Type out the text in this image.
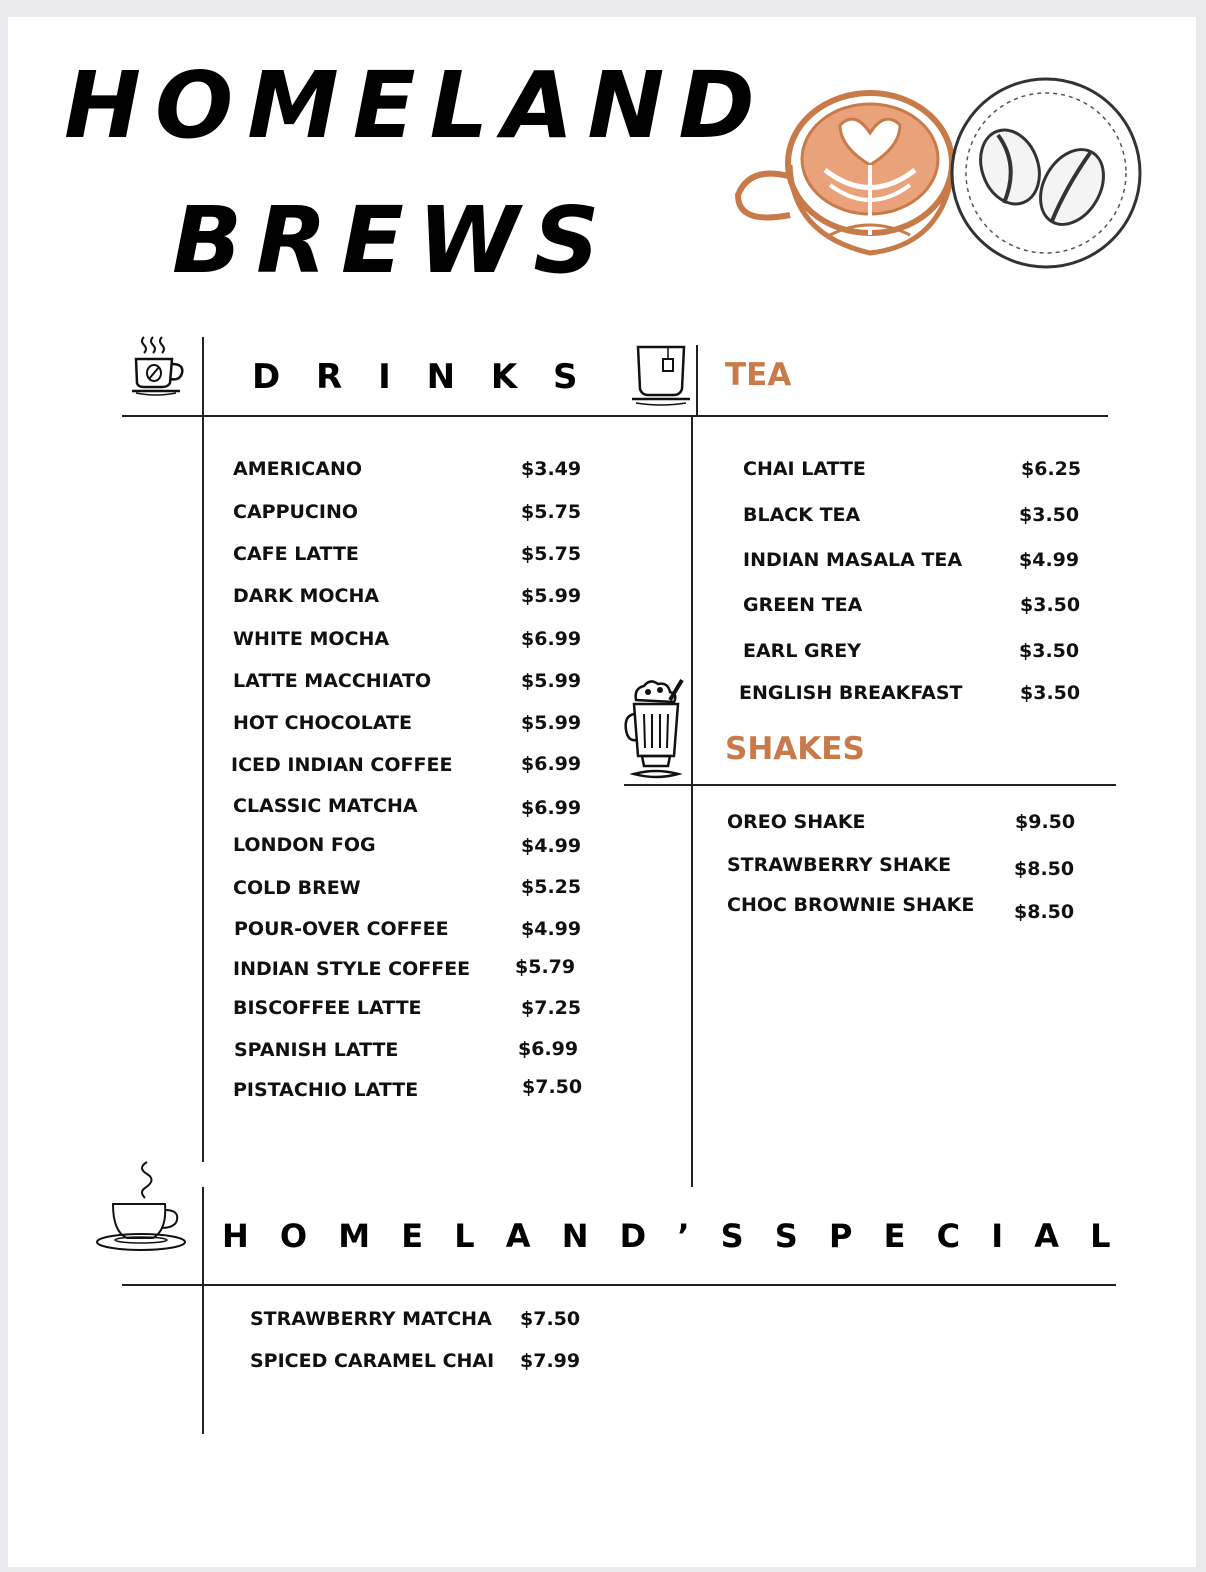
HOMELAND
BREWS
D R I N K S	TEA
AMERICANO	$3.49
CAPPUCINO	$5.75
CAFE LATTE	$5.75
DARK MOCHA	$5.99
WHITE MOCHA	$6.99
LATTE MACCHIATO	$5.99
HOT CHOCOLATE	$5.99
ICED INDIAN COFFEE	$6.99
CLASSIC MATCHA	$6.99
LONDON FOG	$4.99
COLD BREW	$5.25
POUR-OVER COFFEE	$4.99
INDIAN STYLE COFFEE $5.79
BISCOFFEE LATTE	$7.25
SPANISH LATTE	$6.99
PISTACHIO LATTE	$7.50
CHAI LATTE	$6.25
BLACK TEA	$3.50
INDIAN MASALA TEA	$4.99
GREEN TEA	$3.50
EARL GREY	$3.50
ENGLISH BREAKFAST	$3.50
SHAKES
OREO SHAKE	$9.50
STRAWBERRY SHAKE	$8.50
CHOC BROWNIE SHAKE $8.50
H O M E L A N D ’ S S P E C I A L
STRAWBERRY MATCHA $7.50
SPICED CARAMEL CHAI $7.99
